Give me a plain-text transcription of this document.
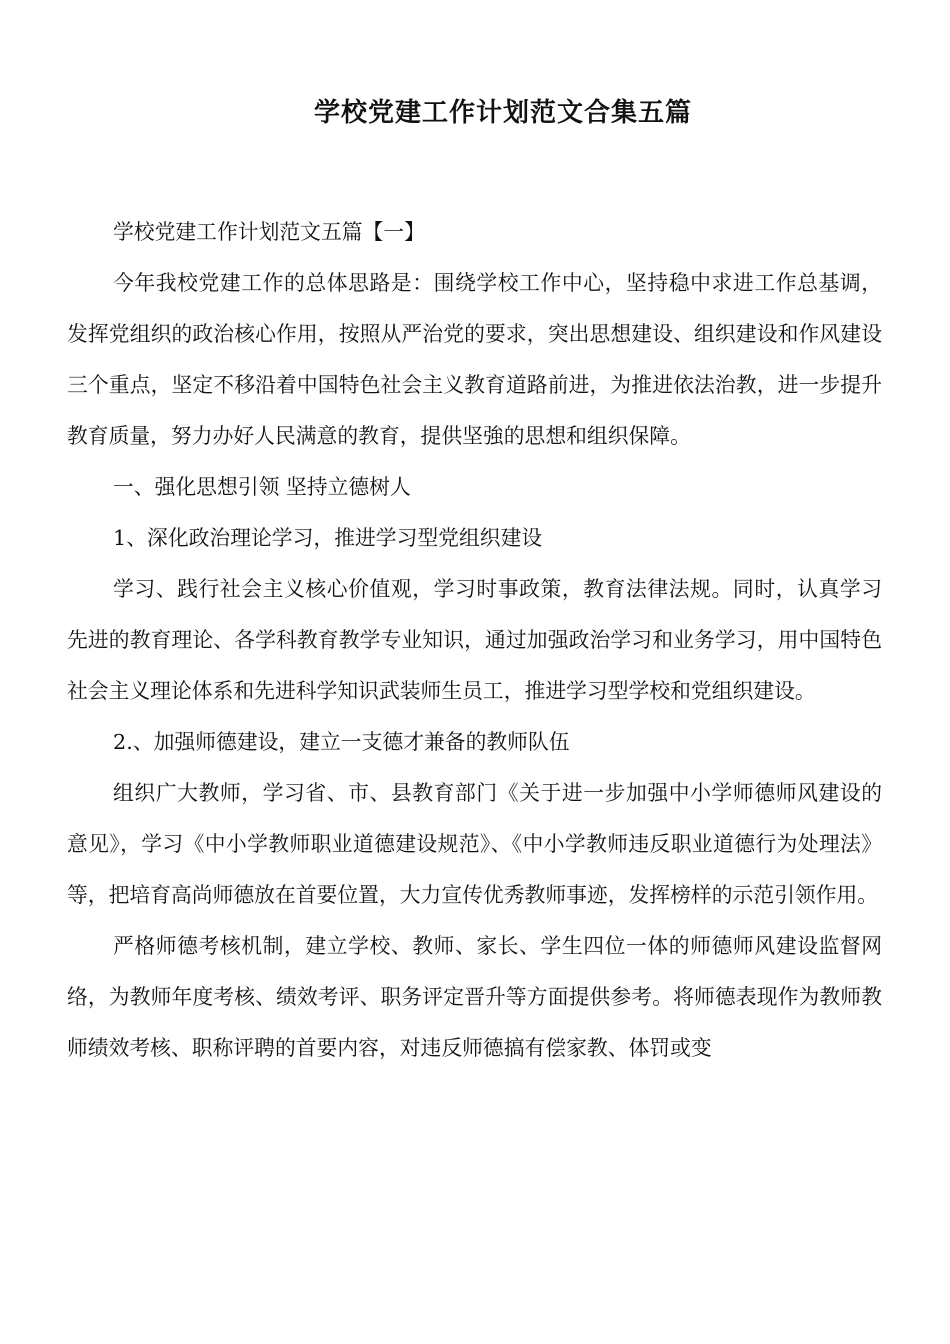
学校党建工作计划范文合集五篇

学校党建工作计划范文五篇【一】

今年我校党建工作的总体思路是：围绕学校工作中心，坚持稳中求进工作总基调，发挥党组织的政治核心作用，按照从严治党的要求，突出思想建设、组织建设和作风建设三个重点，坚定不移沿着中国特色社会主义教育道路前进，为推进依法治教，进一步提升教育质量，努力办好人民满意的教育，提供坚強的思想和组织保障。

一、强化思想引领 坚持立德树人

1、深化政治理论学习，推进学习型党组织建设

学习、践行社会主义核心价值观，学习时事政策，教育法律法规。同时，认真学习先进的教育理论、各学科教育教学专业知识，通过加强政治学习和业务学习，用中国特色社会主义理论体系和先进科学知识武装师生员工，推进学习型学校和党组织建设。

2.、加强师德建设，建立一支德才兼备的教师队伍

组织广大教师，学习省、市、县教育部门《关于进一步加强中小学师德师风建设的意见》，学习《中小学教师职业道德建设规范》、《中小学教师违反职业道德行为处理法》等，把培育高尚师德放在首要位置，大力宣传优秀教师事迹，发挥榜样的示范引领作用。

严格师德考核机制，建立学校、教师、家长、学生四位一体的师德师风建设监督网络，为教师年度考核、绩效考评、职务评定晋升等方面提供参考。将师德表现作为教师教师绩效考核、职称评聘的首要内容，对违反师德搞有偿家教、体罚或变
